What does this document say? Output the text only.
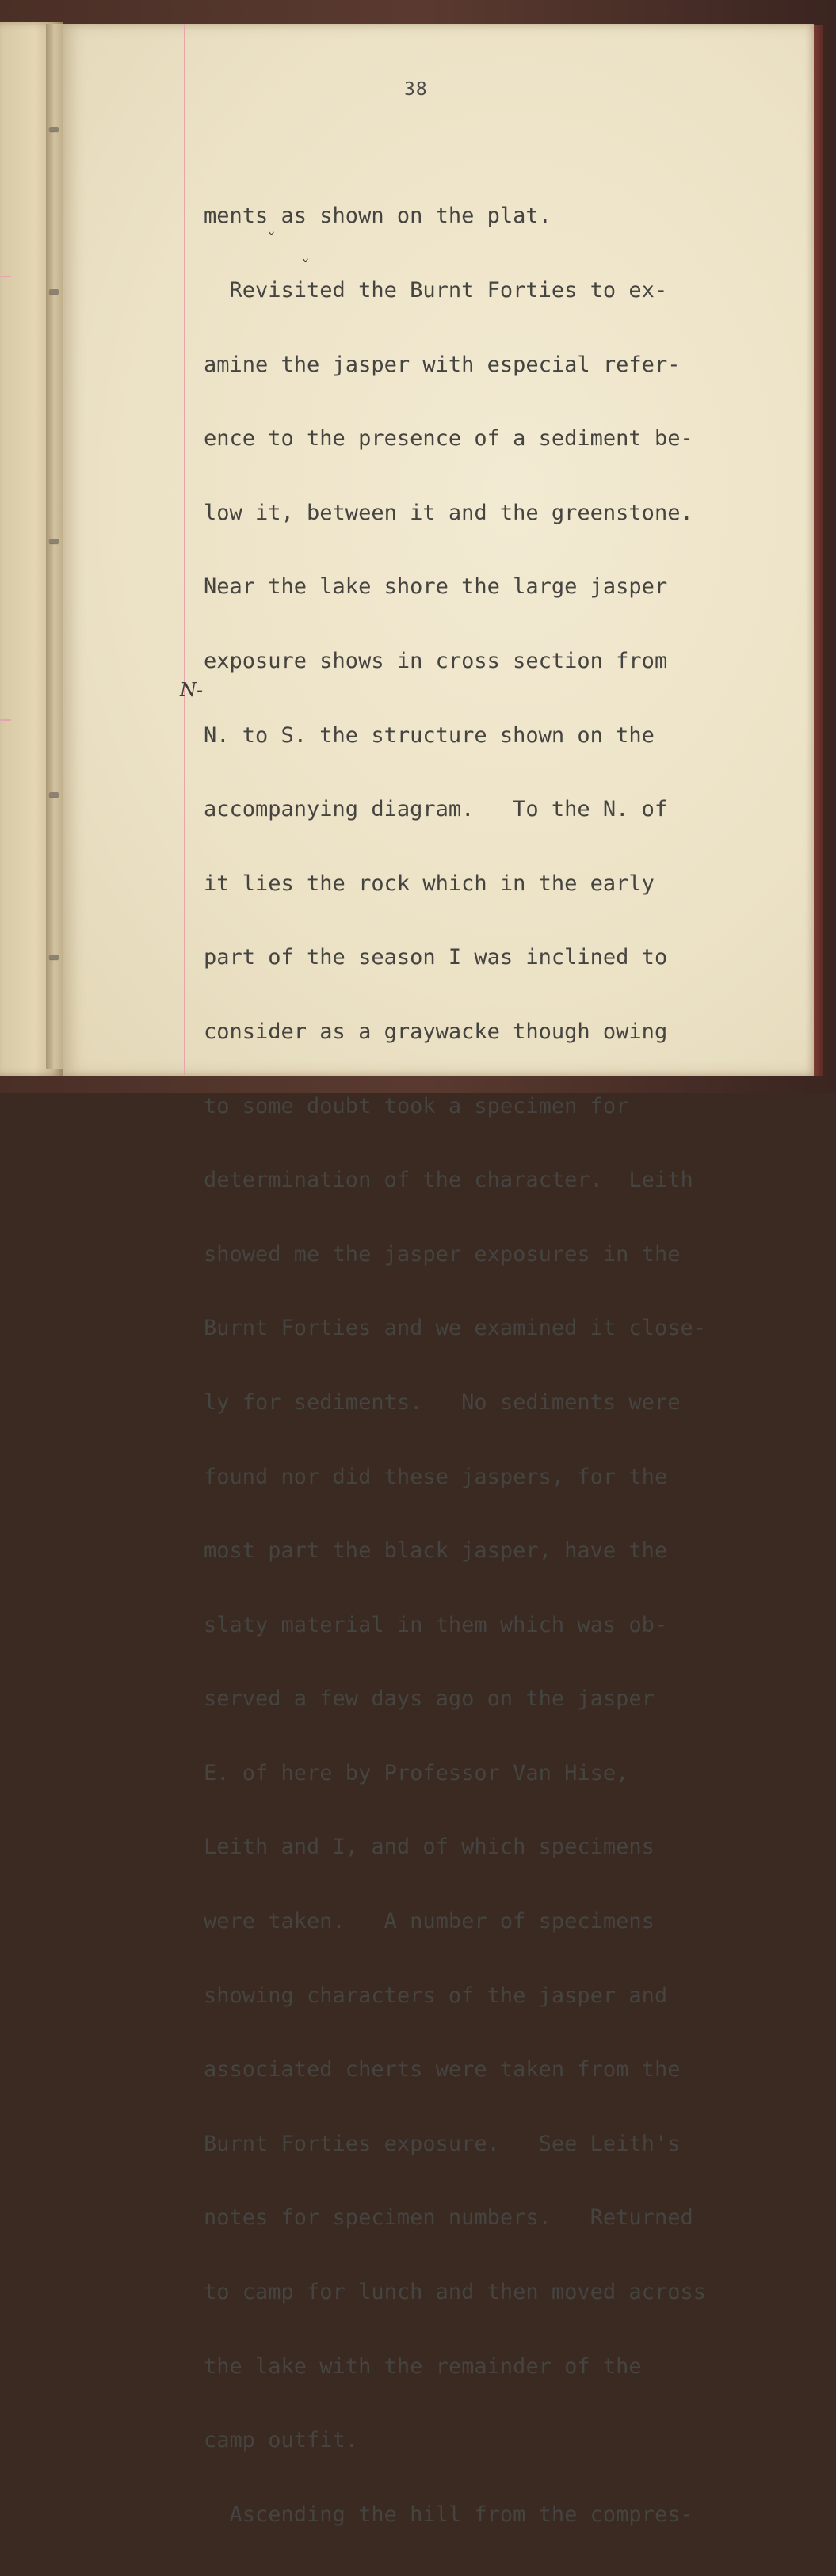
38

ments as shown on the plat.

Revisited the Burnt Forties to ex-

amine the jasper with especial refer-

ence to the presence of a sediment be-

low it, between it and the greenstone.

Near the lake shore the large jasper

exposure shows in cross section from

N. to S. the structure shown on the

accompanying diagram.   To the N. of

it lies the rock which in the early

part of the season I was inclined to

consider as a graywacke though owing

to some doubt took a specimen for

determination of the character.  Leith

showed me the jasper exposures in the

Burnt Forties and we examined it close-

ly for sediments.   No sediments were

found nor did these jaspers, for the

most part the black jasper, have the

slaty material in them which was ob-

served a few days ago on the jasper

E. of here by Professor Van Hise,

Leith and I, and of which specimens

were taken.   A number of specimens

showing characters of the jasper and

associated cherts were taken from the

Burnt Forties exposure.   See Leith's

notes for specimen numbers.   Returned

to camp for lunch and then moved across

the lake with the remainder of the

camp outfit.

Ascending the hill from the compres-

N-
ˇ
ˇ
